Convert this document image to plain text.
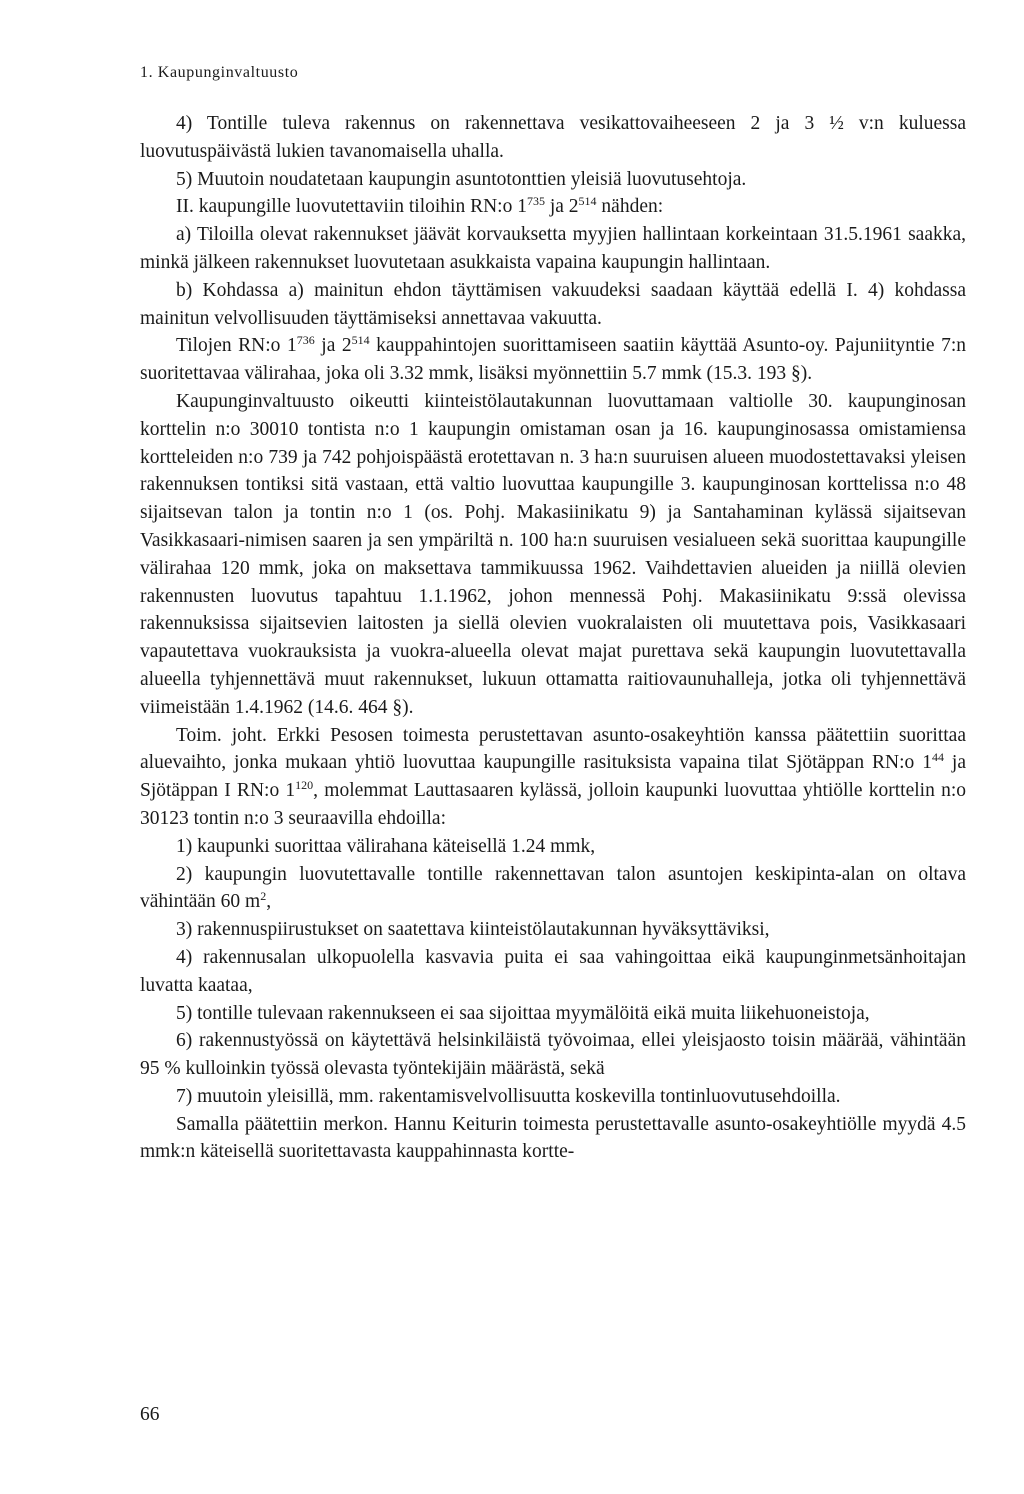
1. Kaupunginvaltuusto

4) Tontille tuleva rakennus on rakennettava vesikattovaiheeseen 2 ja 3 ½ v:n kuluessa luovutuspäivästä lukien tavanomaisella uhalla.

5) Muutoin noudatetaan kaupungin asuntotonttien yleisiä luovutusehtoja.

II. kaupungille luovutettaviin tiloihin RN:o $1^{735}$ ja $2^{514}$ nähden:

a) Tiloilla olevat rakennukset jäävät korvauksetta myyjien hallintaan korkeintaan 31.5.1961 saakka, minkä jälkeen rakennukset luovutetaan asukkaista vapaina kaupungin hallintaan.

b) Kohdassa a) mainitun ehdon täyttämisen vakuudeksi saadaan käyttää edellä I. 4) kohdassa mainitun velvollisuuden täyttämiseksi annettavaa vakuutta.

Tilojen RN:o $1^{736}$ ja $2^{514}$ kauppahintojen suorittamiseen saatiin käyttää Asunto-oy. Pajuniityntie 7:n suoritettavaa välirahaa, joka oli 3.32 mmk, lisäksi myönnettiin 5.7 mmk (15.3. 193 §).

Kaupunginvaltuusto oikeutti kiinteistölautakunnan luovuttamaan valtiolle 30. kaupunginosan korttelin n:o 30010 tontista n:o 1 kaupungin omistaman osan ja 16. kaupunginosassa omistamiensa kortteleiden n:o 739 ja 742 pohjoispäästä erotettavan n. 3 ha:n suuruisen alueen muodostettavaksi yleisen rakennuksen tontiksi sitä vastaan, että valtio luovuttaa kaupungille 3. kaupunginosan korttelissa n:o 48 sijaitsevan talon ja tontin n:o 1 (os. Pohj. Makasiinikatu 9) ja Santahaminan kylässä sijaitsevan Vasikkasaari-nimisen saaren ja sen ympäriltä n. 100 ha:n suuruisen vesialueen sekä suorittaa kaupungille välirahaa 120 mmk, joka on maksettava tammikuussa 1962. Vaihdettavien alueiden ja niillä olevien rakennusten luovutus tapahtuu 1.1.1962, johon mennessä Pohj. Makasiinikatu 9:ssä olevissa rakennuksissa sijaitsevien laitosten ja siellä olevien vuokralaisten oli muutettava pois, Vasikkasaari vapautettava vuokrauksista ja vuokra-alueella olevat majat purettava sekä kaupungin luovutettavalla alueella tyhjennettävä muut rakennukset, lukuun ottamatta raitiovaunuhalleja, jotka oli tyhjennettävä viimeistään 1.4.1962 (14.6. 464 §).

Toim. joht. Erkki Pesosen toimesta perustettavan asunto-osakeyhtiön kanssa päätettiin suorittaa aluevaihto, jonka mukaan yhtiö luovuttaa kaupungille rasituksista vapaina tilat Sjötäppan RN:o $1^{44}$ ja Sjötäppan I RN:o $1^{120}$, molemmat Lauttasaaren kylässä, jolloin kaupunki luovuttaa yhtiölle korttelin n:o 30123 tontin n:o 3 seuraavilla ehdoilla:

1) kaupunki suorittaa välirahana käteisellä 1.24 mmk,

2) kaupungin luovutettavalle tontille rakennettavan talon asuntojen keskipinta-alan on oltava vähintään 60 $m^2$,

3) rakennuspiirustukset on saatettava kiinteistölautakunnan hyväksyttäviksi,

4) rakennusalan ulkopuolella kasvavia puita ei saa vahingoittaa eikä kaupunginmetsänhoitajan luvatta kaataa,

5) tontille tulevaan rakennukseen ei saa sijoittaa myymälöitä eikä muita liikehuoneistoja,

6) rakennustyössä on käytettävä helsinkiläistä työvoimaa, ellei yleisjaosto toisin määrää, vähintään 95 % kulloinkin työssä olevasta työntekijäin määrästä, sekä

7) muutoin yleisillä, mm. rakentamisvelvollisuutta koskevilla tontinluovutusehdoilla.

Samalla päätettiin merkon. Hannu Keiturin toimesta perustettavalle asunto-osakeyhtiölle myydä 4.5 mmk:n käteisellä suoritettavasta kauppahinnasta kortte-

66
